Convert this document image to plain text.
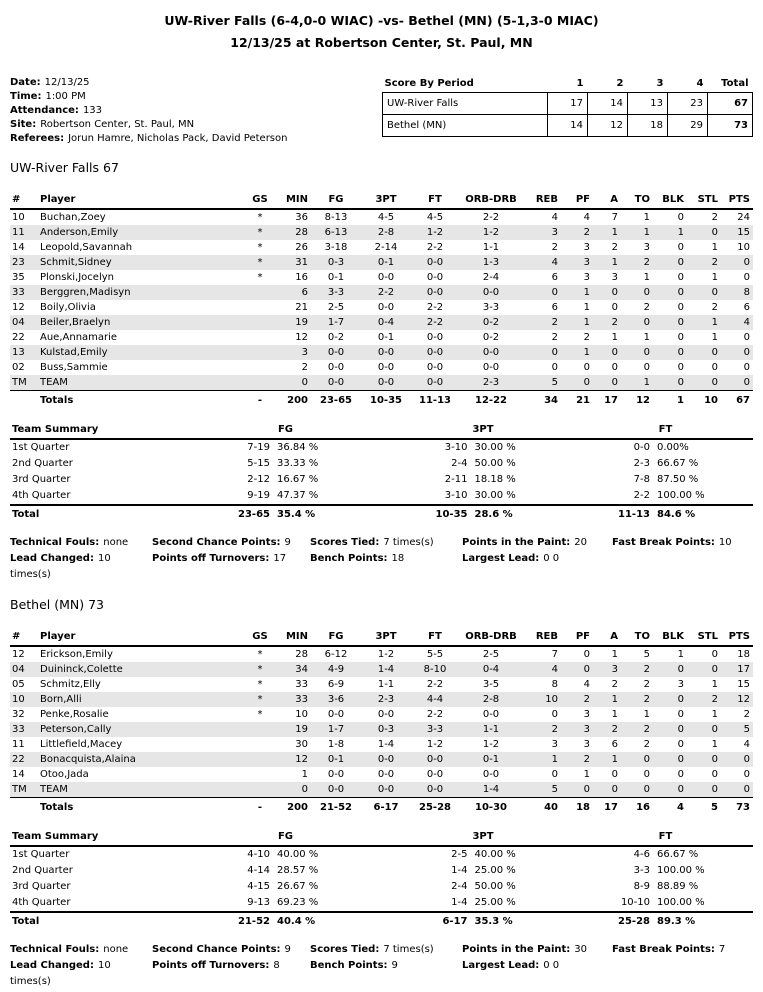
UW-River Falls (6-4,0-0 WIAC) -vs- Bethel (MN) (5-1,3-0 MIAC)
12/13/25 at Robertson Center, St. Paul, MN
Date: 12/13/25
Time: 1:00 PM
Attendance: 133
Site: Robertson Center, St. Paul, MN
Referees: Jorun Hamre, Nicholas Pack, David Peterson
Score By Period	1	2	3	4	Total
UW-River Falls	17	14	13	23	67
Bethel (MN)	14	12	18	29	73
UW-River Falls 67
#	Player	GS	MIN	FG	3PT	FT	ORB-DRB	REB	PF	A	TO	BLK	STL	PTS
10	Buchan,Zoey	*	36	8-13	4-5	4-5	2-2	4	4	7	1	0	2	24
11	Anderson,Emily	*	28	6-13	2-8	1-2	1-2	3	2	1	1	1	0	15
14	Leopold,Savannah	*	26	3-18	2-14	2-2	1-1	2	3	2	3	0	1	10
23	Schmit,Sidney	*	31	0-3	0-1	0-0	1-3	4	3	1	2	0	2	0
35	Plonski,Jocelyn	*	16	0-1	0-0	0-0	2-4	6	3	3	1	0	1	0
33	Berggren,Madisyn		6	3-3	2-2	0-0	0-0	0	1	0	0	0	0	8
12	Boily,Olivia		21	2-5	0-0	2-2	3-3	6	1	0	2	0	2	6
04	Beiler,Braelyn		19	1-7	0-4	2-2	0-2	2	1	2	0	0	1	4
22	Aue,Annamarie		12	0-2	0-1	0-0	0-2	2	2	1	1	0	1	0
13	Kulstad,Emily		3	0-0	0-0	0-0	0-0	0	1	0	0	0	0	0
02	Buss,Sammie		2	0-0	0-0	0-0	0-0	0	0	0	0	0	0	0
TM	TEAM		0	0-0	0-0	0-0	2-3	5	0	0	1	0	0	0
	Totals	-	200	23-65	10-35	11-13	12-22	34	21	17	12	1	10	67
Team Summary	FG	3PT	FT
1st Quarter	7-19 36.84 %	3-10 30.00 %	0-0 0.00%
2nd Quarter	5-15 33.33 %	2-4 50.00 %	2-3 66.67 %
3rd Quarter	2-12 16.67 %	2-11 18.18 %	7-8 87.50 %
4th Quarter	9-19 47.37 %	3-10 30.00 %	2-2 100.00 %
Total	23-65 35.4 %	10-35 28.6 %	11-13 84.6 %
Technical Fouls: none	Second Chance Points: 9	Scores Tied: 7 times(s)	Points in the Paint: 20	Fast Break Points: 10
Lead Changed: 10 times(s)
Points off Turnovers: 17	Bench Points: 18	Largest Lead: 0 0
Bethel (MN) 73
#	Player	GS	MIN	FG	3PT	FT	ORB-DRB	REB	PF	A	TO	BLK	STL	PTS
12	Erickson,Emily	*	28	6-12	1-2	5-5	2-5	7	0	1	5	1	0	18
04	Duininck,Colette	*	34	4-9	1-4	8-10	0-4	4	0	3	2	0	0	17
05	Schmitz,Elly	*	33	6-9	1-1	2-2	3-5	8	4	2	2	3	1	15
10	Born,Alli	*	33	3-6	2-3	4-4	2-8	10	2	1	2	0	2	12
32	Penke,Rosalie	*	10	0-0	0-0	2-2	0-0	0	3	1	1	0	1	2
33	Peterson,Cally		19	1-7	0-3	3-3	1-1	2	3	2	2	0	0	5
11	Littlefield,Macey		30	1-8	1-4	1-2	1-2	3	3	6	2	0	1	4
22	Bonacquista,Alaina		12	0-1	0-0	0-0	0-1	1	2	1	0	0	0	0
14	Otoo,Jada		1	0-0	0-0	0-0	0-0	0	1	0	0	0	0	0
TM	TEAM		0	0-0	0-0	0-0	1-4	5	0	0	0	0	0	0
	Totals	-	200	21-52	6-17	25-28	10-30	40	18	17	16	4	5	73
Team Summary	FG	3PT	FT
1st Quarter	4-10 40.00 %	2-5 40.00 %	4-6 66.67 %
2nd Quarter	4-14 28.57 %	1-4 25.00 %	3-3 100.00 %
3rd Quarter	4-15 26.67 %	2-4 50.00 %	8-9 88.89 %
4th Quarter	9-13 69.23 %	1-4 25.00 %	10-10 100.00 %
Total	21-52 40.4 %	6-17 35.3 %	25-28 89.3 %
Technical Fouls: none	Second Chance Points: 9	Scores Tied: 7 times(s)	Points in the Paint: 30	Fast Break Points: 7
Lead Changed: 10 times(s)
Points off Turnovers: 8	Bench Points: 9	Largest Lead: 0 0
